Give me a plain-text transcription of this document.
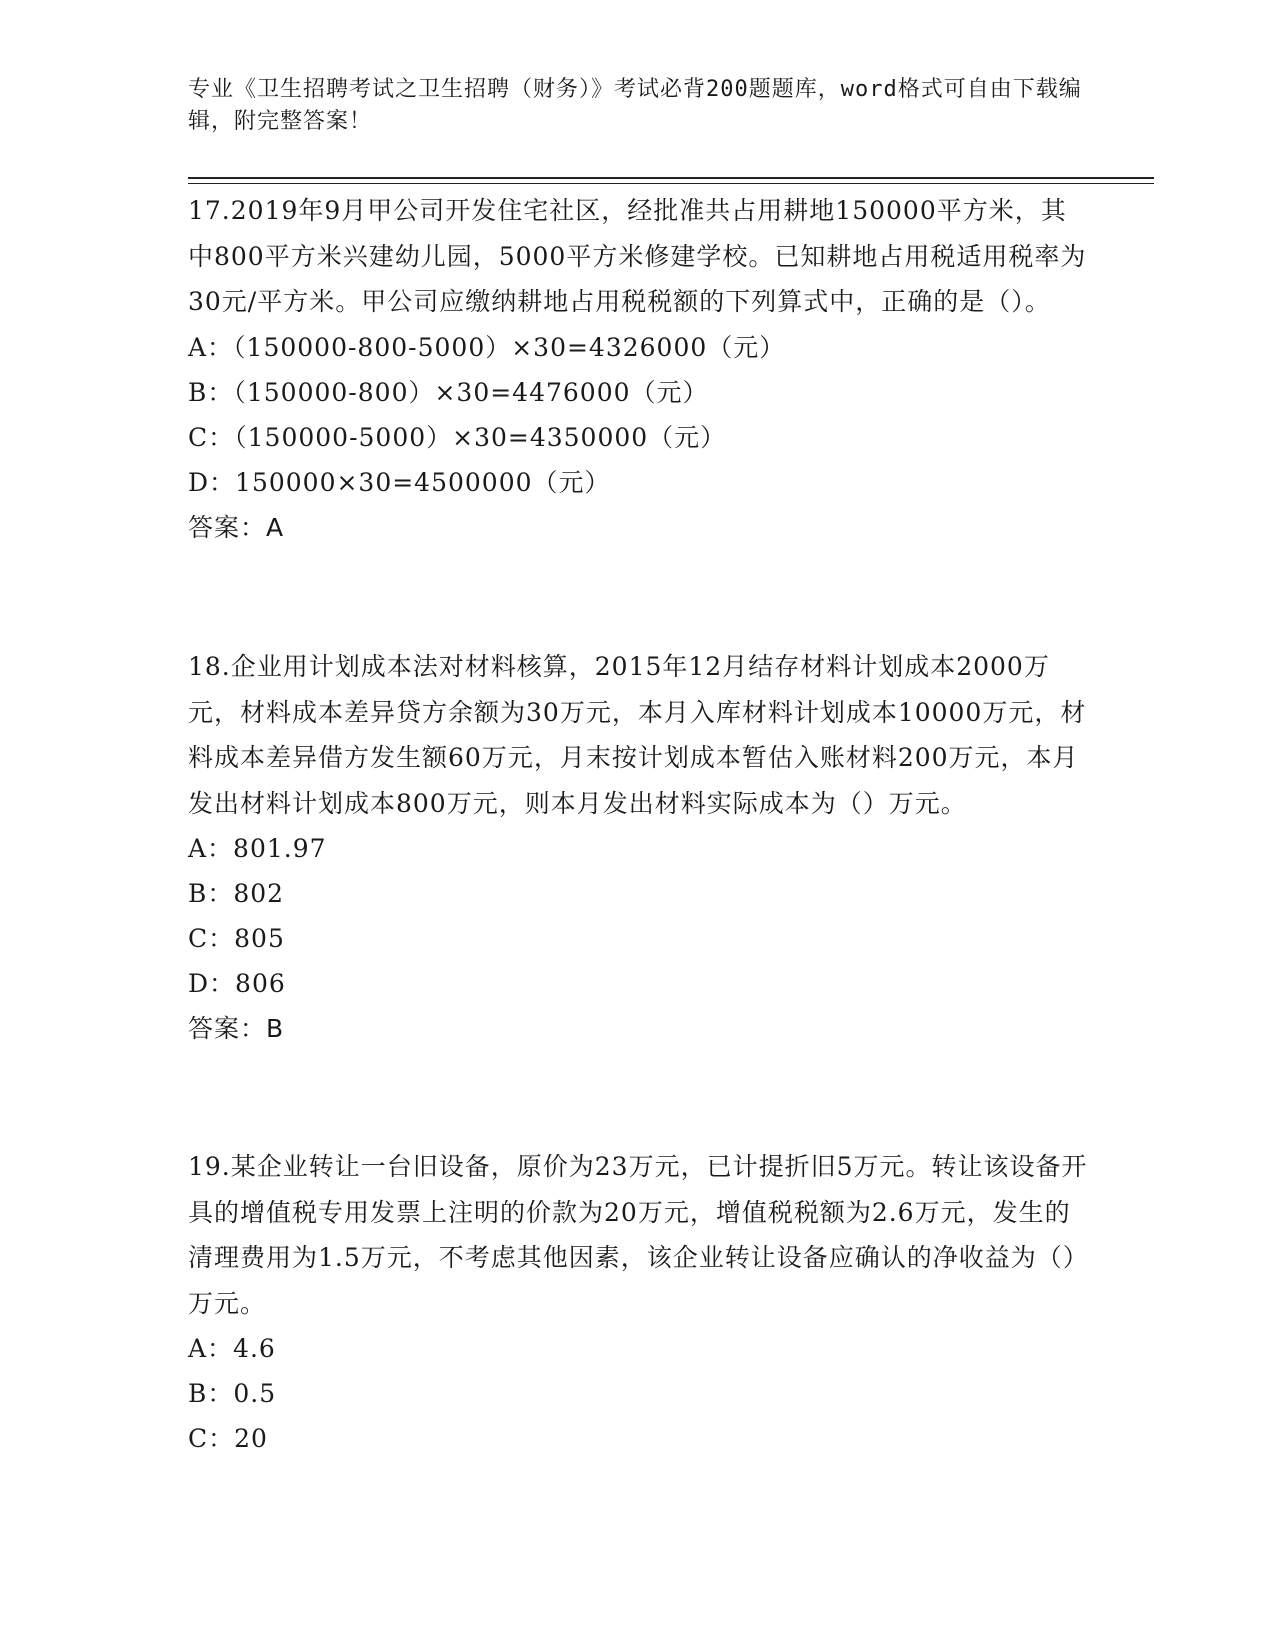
专业《卫生招聘考试之卫生招聘（财务）》考试必背200题题库，word格式可自由下载编辑，附完整答案！
17.2019年9月甲公司开发住宅社区，经批准共占用耕地150000平方米，其中800平方米兴建幼儿园，5000平方米修建学校。已知耕地占用税适用税率为30元/平方米。甲公司应缴纳耕地占用税税额的下列算式中，正确的是（）。
A：（150000-800-5000）×30=4326000（元）
B：（150000-800）×30=4476000（元）
C：（150000-5000）×30=4350000（元）
D：150000×30=4500000（元）
答案：A
18.企业用计划成本法对材料核算，2015年12月结存材料计划成本2000万元，材料成本差异贷方余额为30万元，本月入库材料计划成本10000万元，材料成本差异借方发生额60万元，月末按计划成本暂估入账材料200万元，本月发出材料计划成本800万元，则本月发出材料实际成本为（）万元。
A：801.97
B：802
C：805
D：806
答案：B
19.某企业转让一台旧设备，原价为23万元，已计提折旧5万元。转让该设备开具的增值税专用发票上注明的价款为20万元，增值税税额为2.6万元，发生的清理费用为1.5万元，不考虑其他因素，该企业转让设备应确认的净收益为（）万元。
A：4.6
B：0.5
C：20
